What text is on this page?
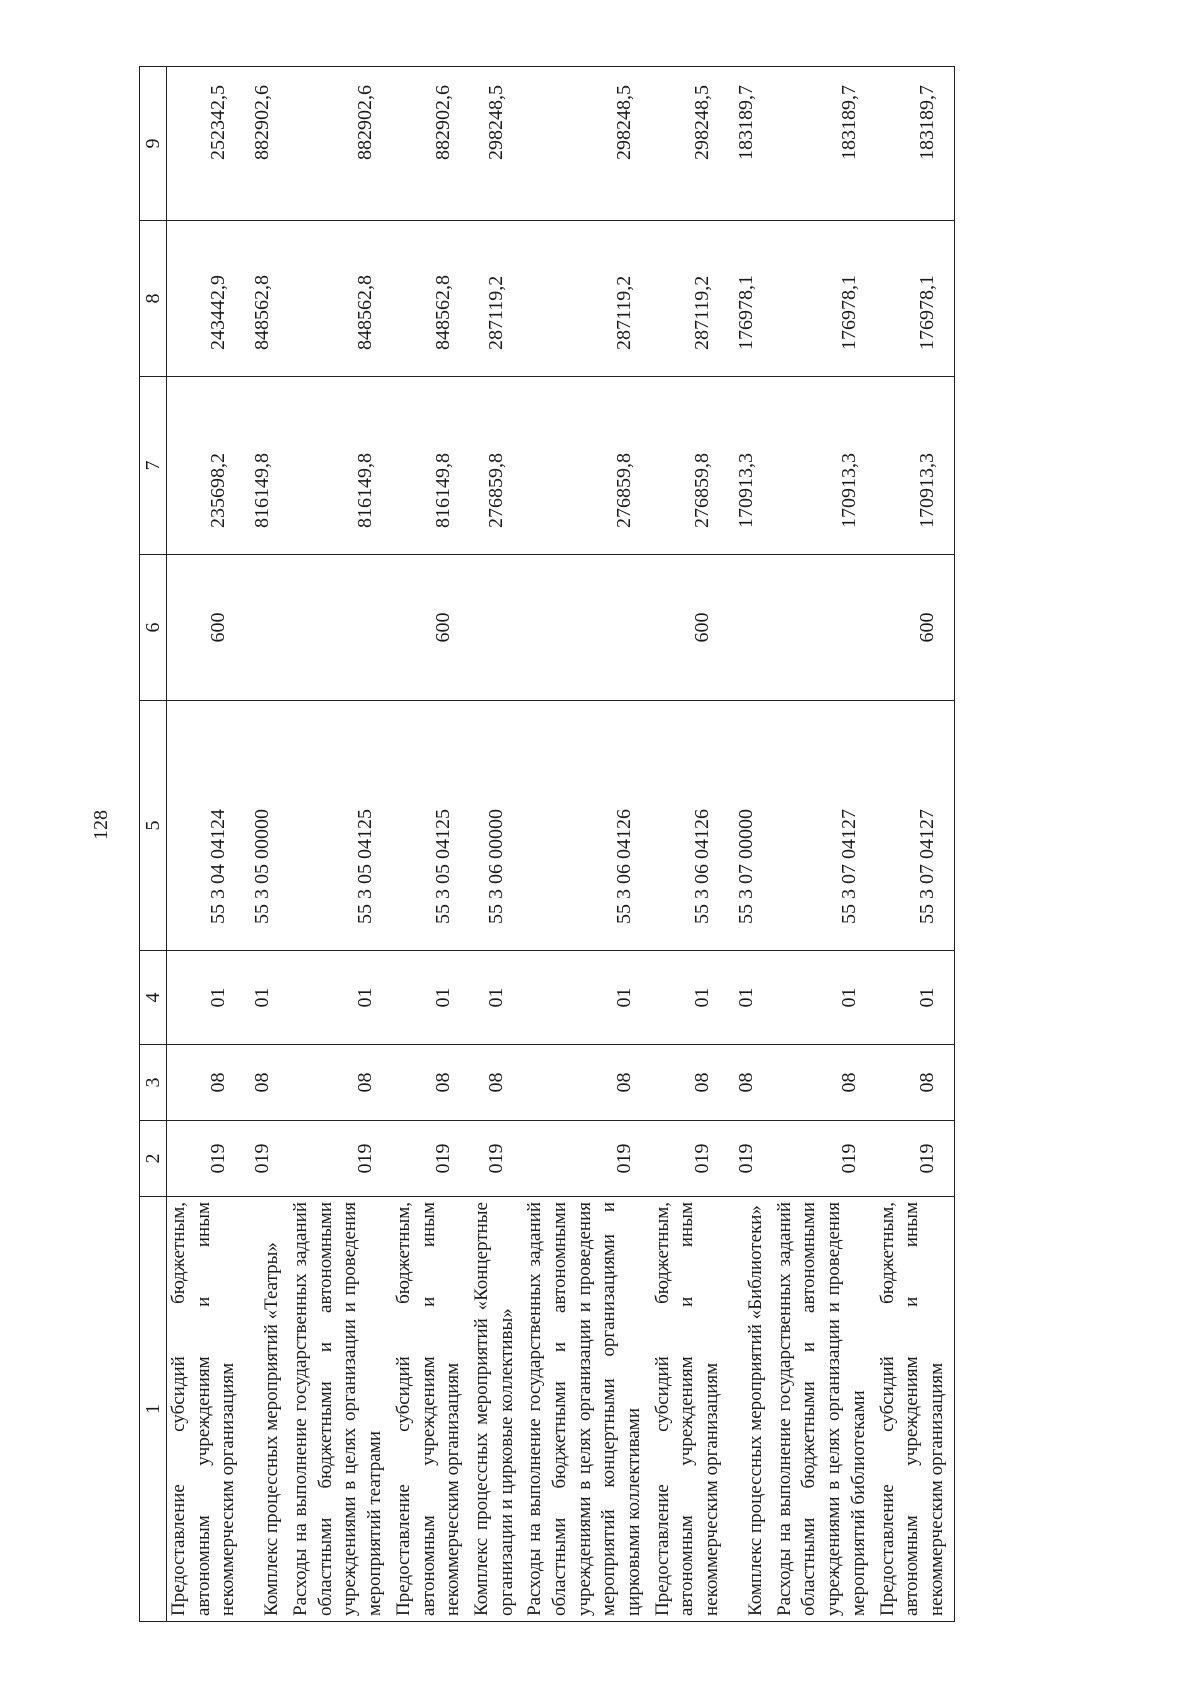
128
1	2	3	4	5	6	7	8	9
Предоставление субсидий бюджетным, автономным учреждениям и иным некоммерческим организациям	019	08	01	55 3 04 04124	600	235698,2	243442,9	252342,5
Комплекс процессных мероприятий «Театры»	019	08	01	55 3 05 00000		816149,8	848562,8	882902,6
Расходы на выполнение государственных заданий областными бюджетными и автономными учреждениями в целях организации и проведения мероприятий театрами	019	08	01	55 3 05 04125		816149,8	848562,8	882902,6
Предоставление субсидий бюджетным, автономным учреждениям и иным некоммерческим организациям	019	08	01	55 3 05 04125	600	816149,8	848562,8	882902,6
Комплекс процессных мероприятий «Концертные организации и цирковые коллективы»	019	08	01	55 3 06 00000		276859,8	287119,2	298248,5
Расходы на выполнение государственных заданий областными бюджетными и автономными учреждениями в целях организации и проведения мероприятий концертными организациями и цирковыми коллективами	019	08	01	55 3 06 04126		276859,8	287119,2	298248,5
Предоставление субсидий бюджетным, автономным учреждениям и иным некоммерческим организациям	019	08	01	55 3 06 04126	600	276859,8	287119,2	298248,5
Комплекс процессных мероприятий «Библиотеки»	019	08	01	55 3 07 00000		170913,3	176978,1	183189,7
Расходы на выполнение государственных заданий областными бюджетными и автономными учреждениями в целях организации и проведения мероприятий библиотеками	019	08	01	55 3 07 04127		170913,3	176978,1	183189,7
Предоставление субсидий бюджетным, автономным учреждениям и иным некоммерческим организациям	019	08	01	55 3 07 04127	600	170913,3	176978,1	183189,7
